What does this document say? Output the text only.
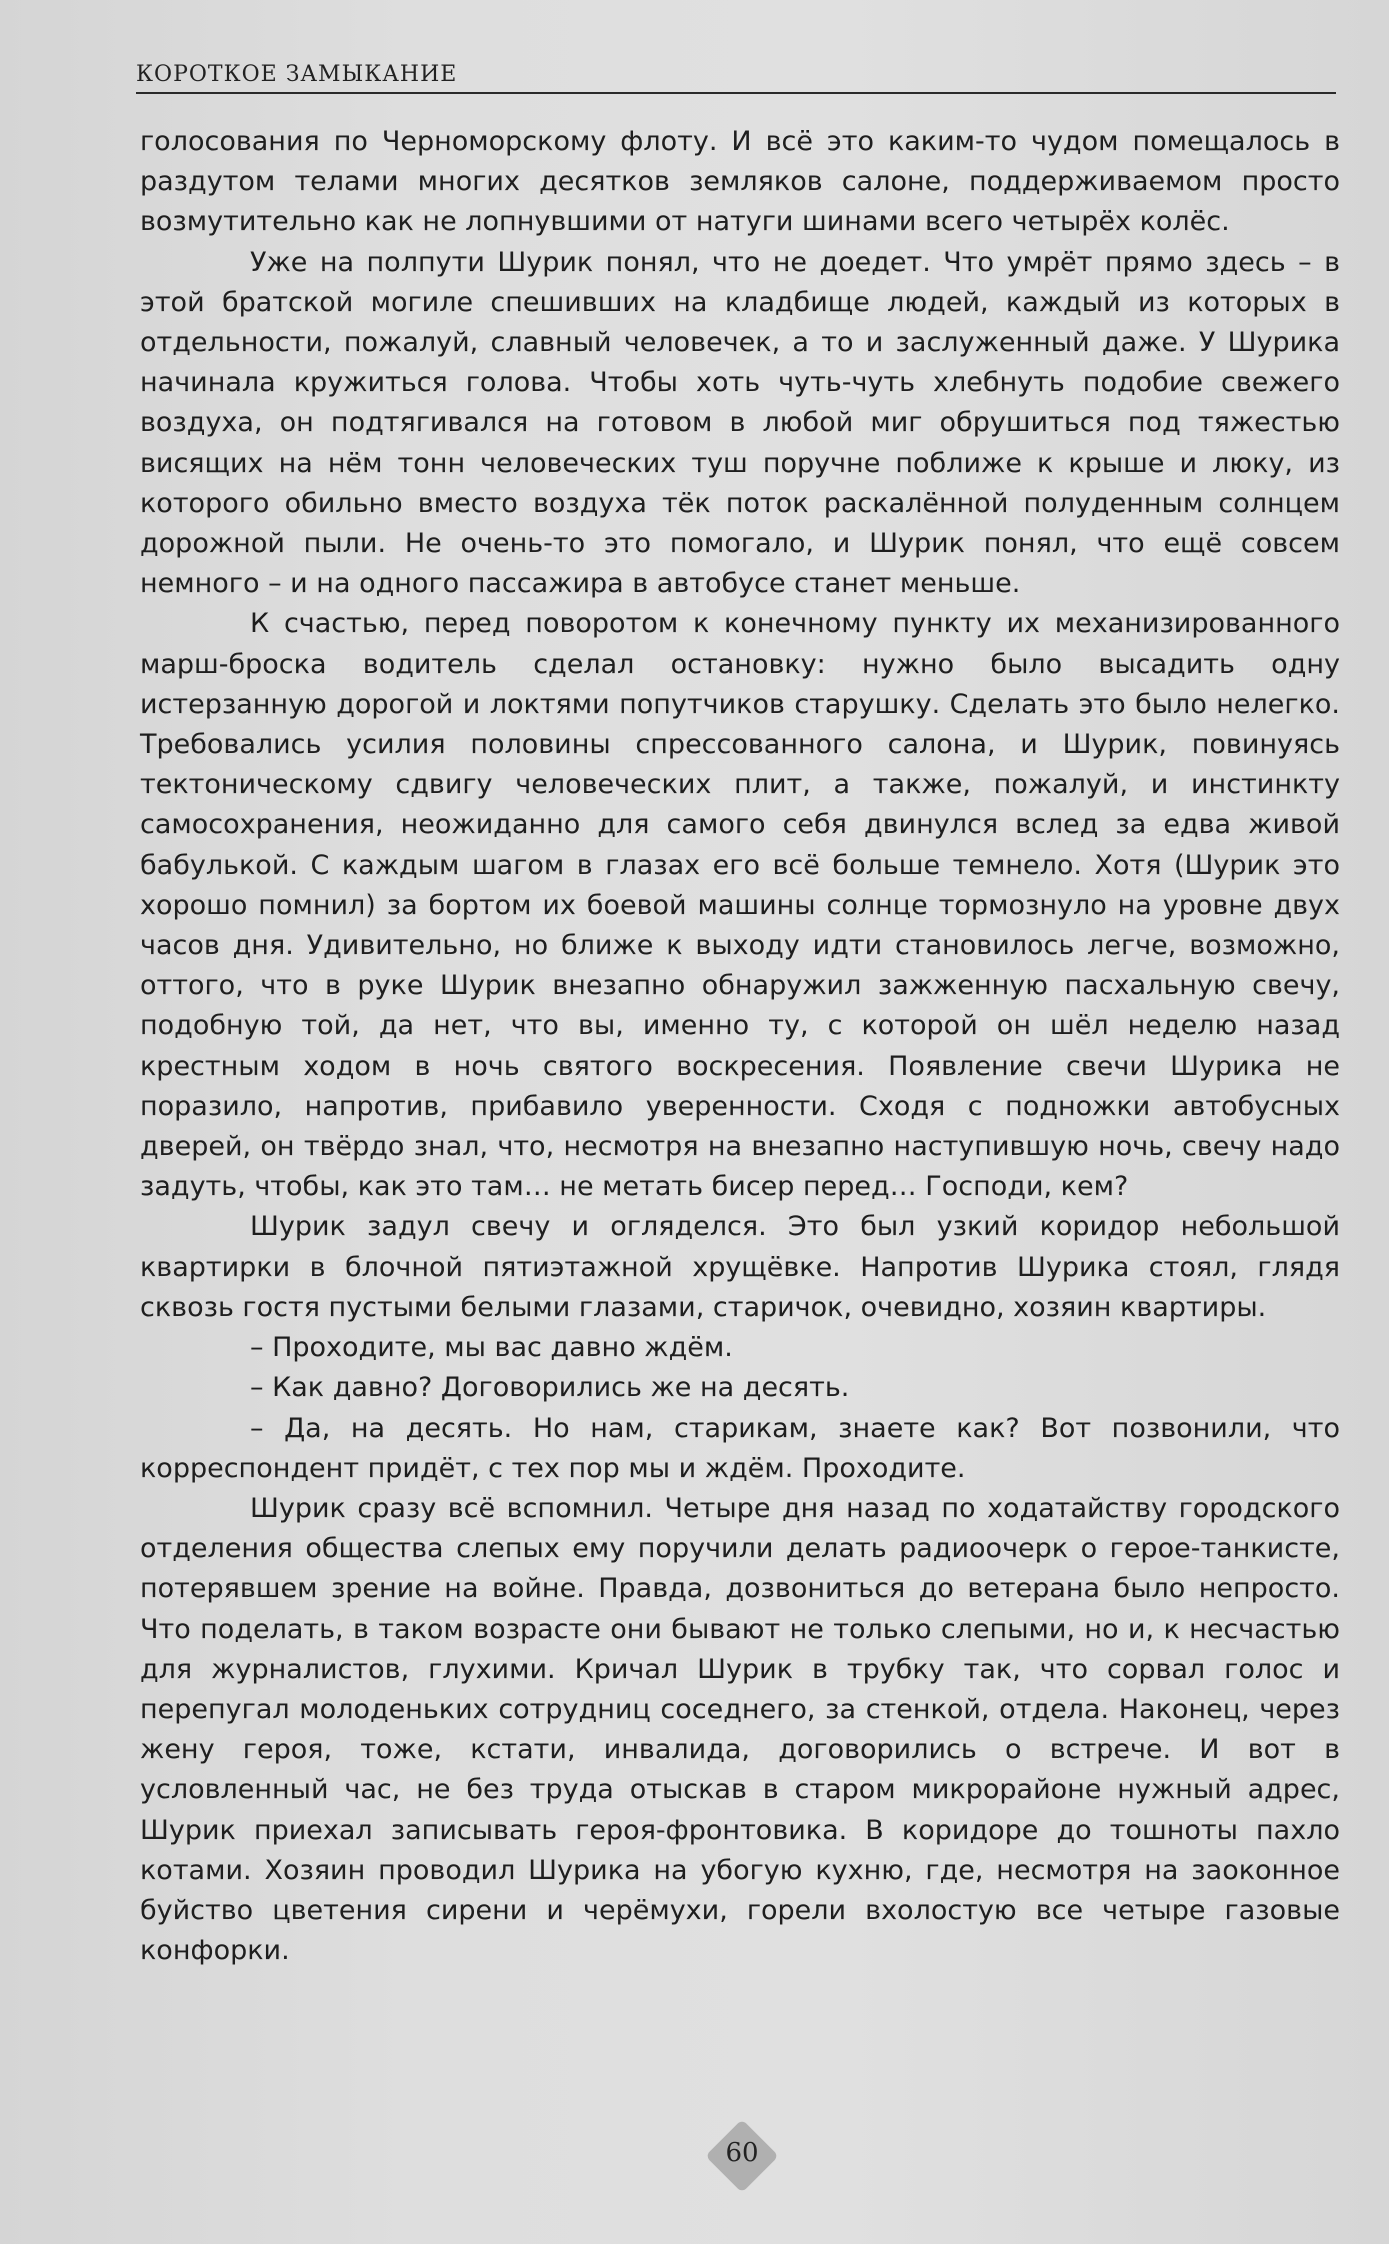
КОРОТКОЕ ЗАМЫКАНИЕ

голосования по Черноморскому флоту. И всё это каким-то чудом помещалось в раздутом телами многих десятков земляков салоне, поддерживаемом просто возмутительно как не лопнувшими от натуги шинами всего четырёх колёс.

Уже на полпути Шурик понял, что не доедет. Что умрёт прямо здесь – в этой братской могиле спешивших на кладбище людей, каждый из которых в отдельности, пожалуй, славный человечек, а то и заслуженный даже. У Шурика начинала кружиться голова. Чтобы хоть чуть-чуть хлебнуть подобие свежего воздуха, он подтягивался на готовом в любой миг обрушиться под тяжестью висящих на нём тонн человеческих туш поручне поближе к крыше и люку, из которого обильно вместо воздуха тёк поток раскалённой полуденным солнцем дорожной пыли. Не очень-то это помогало, и Шурик понял, что ещё совсем немного – и на одного пассажира в автобусе станет меньше.

К счастью, перед поворотом к конечному пункту их механизированного марш-броска водитель сделал остановку: нужно было высадить одну истерзанную дорогой и локтями попутчиков старушку. Сделать это было нелегко. Требовались усилия половины спрессованного салона, и Шурик, повинуясь тектоническому сдвигу человеческих плит, а также, пожалуй, и инстинкту самосохранения, неожиданно для самого себя двинулся вслед за едва живой бабулькой. С каждым шагом в глазах его всё больше темнело. Хотя (Шурик это хорошо помнил) за бортом их боевой машины солнце тормознуло на уровне двух часов дня. Удивительно, но ближе к выходу идти становилось легче, возможно, оттого, что в руке Шурик внезапно обнаружил зажженную пасхальную свечу, подобную той, да нет, что вы, именно ту, с которой он шёл неделю назад крестным ходом в ночь святого воскресения. Появление свечи Шурика не поразило, напротив, прибавило уверенности. Сходя с подножки автобусных дверей, он твёрдо знал, что, несмотря на внезапно наступившую ночь, свечу надо задуть, чтобы, как это там… не метать бисер перед… Господи, кем?

Шурик задул свечу и огляделся. Это был узкий коридор небольшой квартирки в блочной пятиэтажной хрущёвке. Напротив Шурика стоял, глядя сквозь гостя пустыми белыми глазами, старичок, очевидно, хозяин квартиры.

– Проходите, мы вас давно ждём.

– Как давно? Договорились же на десять.

– Да, на десять. Но нам, старикам, знаете как? Вот позвонили, что корреспондент придёт, с тех пор мы и ждём. Проходите.

Шурик сразу всё вспомнил. Четыре дня назад по ходатайству городского отделения общества слепых ему поручили делать радиоочерк о герое-танкисте, потерявшем зрение на войне. Правда, дозвониться до ветерана было непросто. Что поделать, в таком возрасте они бывают не только слепыми, но и, к несчастью для журналистов, глухими. Кричал Шурик в трубку так, что сорвал голос и перепугал молоденьких сотрудниц соседнего, за стенкой, отдела. Наконец, через жену героя, тоже, кстати, инвалида, договорились о встрече. И вот в условленный час, не без труда отыскав в старом микрорайоне нужный адрес, Шурик приехал записывать героя-фронтовика. В коридоре до тошноты пахло котами. Хозяин проводил Шурика на убогую кухню, где, несмотря на заоконное буйство цветения сирени и черёмухи, горели вхолостую все четыре газовые конфорки.

60
